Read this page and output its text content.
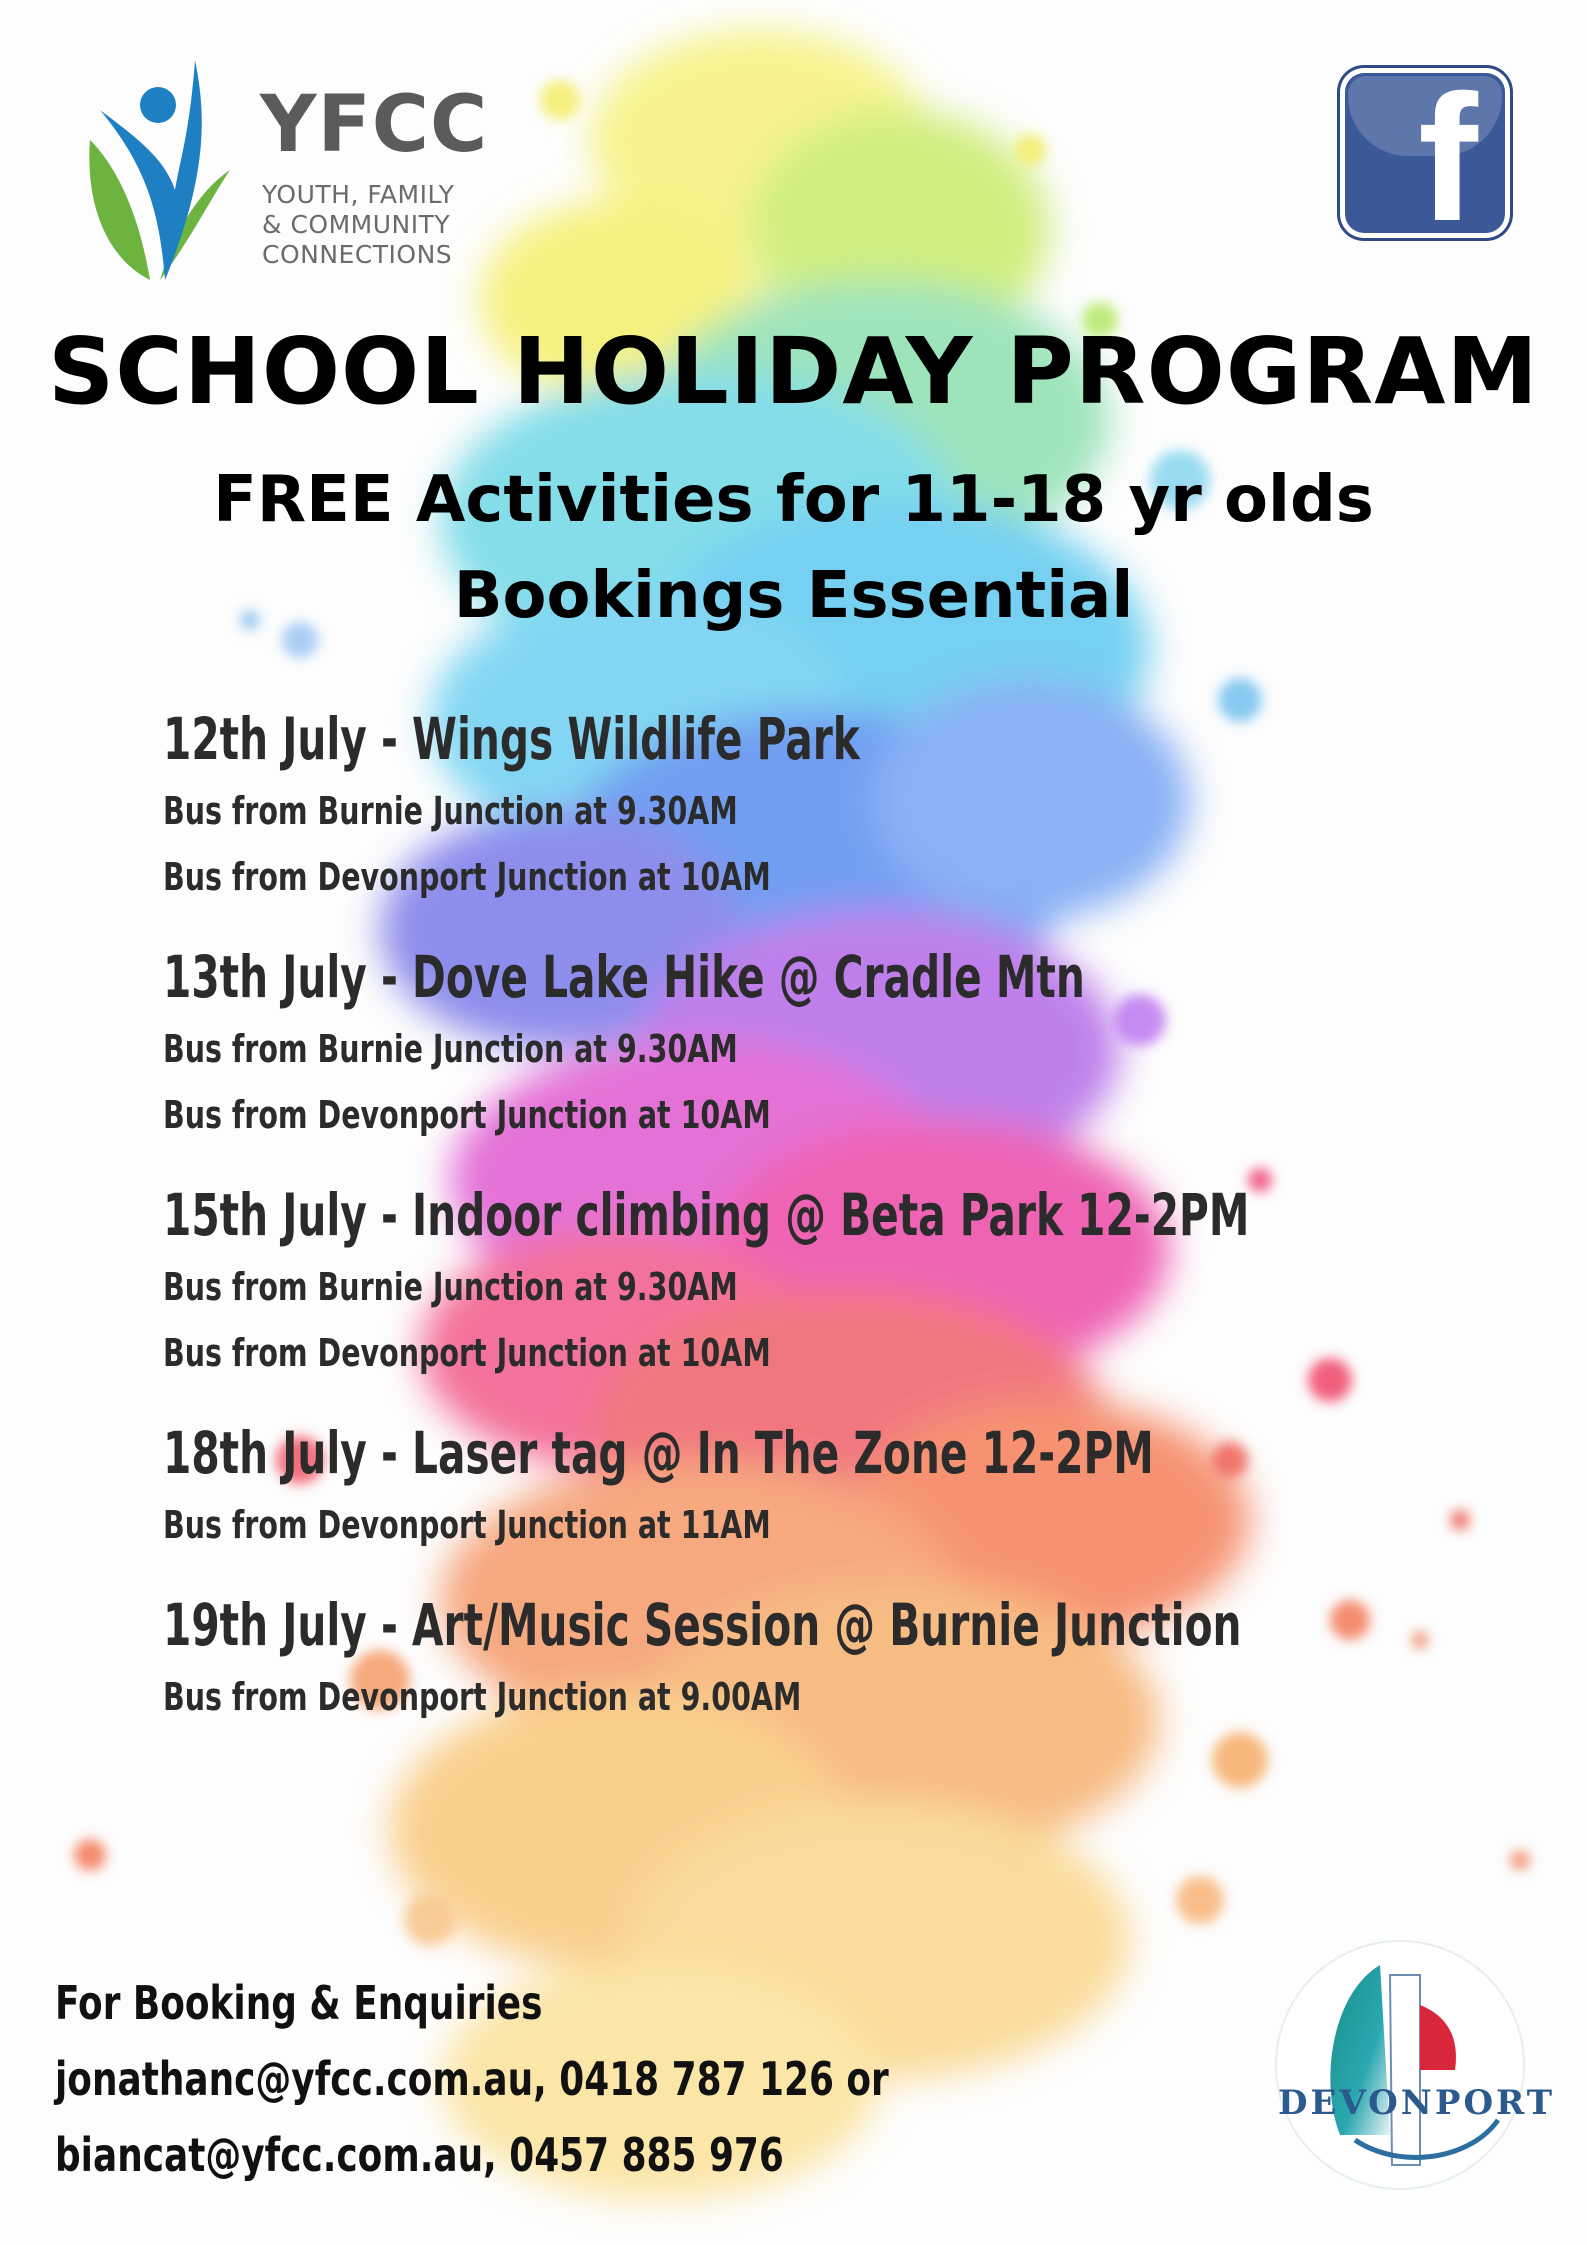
YFCC
YOUTH, FAMILY
& COMMUNITY
CONNECTIONS	f
SCHOOL HOLIDAY PROGRAM
FREE Activities for 11-18 yr olds
Bookings Essential
12th July - Wings Wildlife Park
Bus from Burnie Junction at 9.30AM
Bus from Devonport Junction at 10AM
13th July - Dove Lake Hike @ Cradle Mtn
Bus from Burnie Junction at 9.30AM
Bus from Devonport Junction at 10AM
15th July - Indoor climbing @ Beta Park 12-2PM
Bus from Burnie Junction at 9.30AM
Bus from Devonport Junction at 10AM
18th July - Laser tag @ In The Zone 12-2PM
Bus from Devonport Junction at 11AM
19th July - Art/Music Session @ Burnie Junction
Bus from Devonport Junction at 9.00AM
For Booking & Enquiries
jonathanc@yfcc.com.au, 0418 787 126 or
biancat@yfcc.com.au, 0457 885 976
DEVONPORT
